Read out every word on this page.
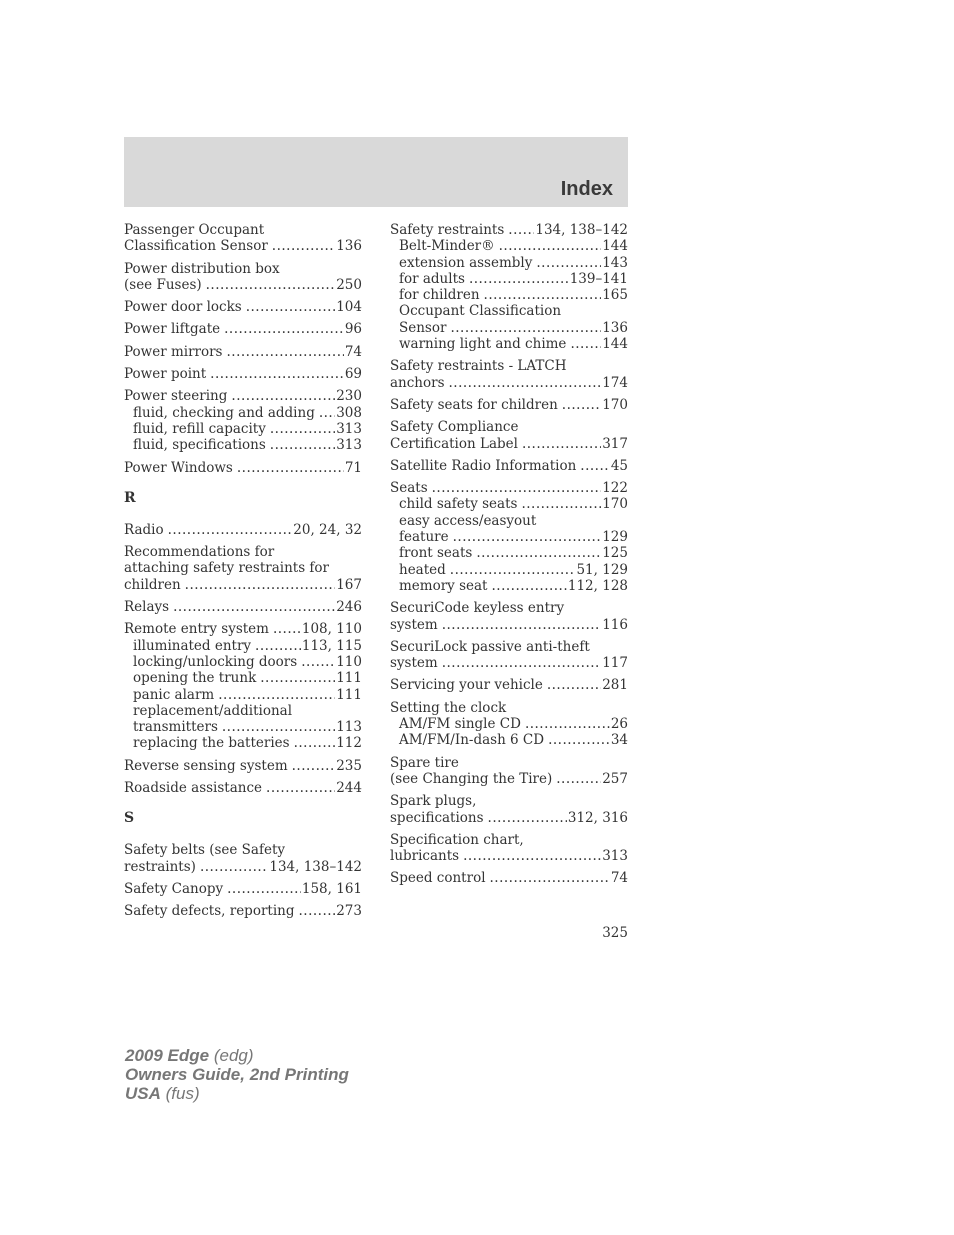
Index
Passenger Occupant
Classification Sensor .....	136
Power distribution box
(see Fuses) .....	250
Power door locks .....	104
Power liftgate .....	96
Power mirrors .....	74
Power point .....	69
Power steering .....	230
fluid, checking and adding ..... 308
fluid, refill capacity .....	313
fluid, specifications .....	313
Power Windows .....	71
R
Radio .....	20, 24, 32
Recommendations for
attaching safety restraints for
children .....	167
Relays .....	246
Remote entry system ..... 108, 110
illuminated entry .....	113, 115
locking/unlocking doors .....	110
opening the trunk .....	111
panic alarm .....	111
replacement/additional
transmitters .....	113
replacing the batteries .....	112
Reverse sensing system .....	235
Roadside assistance .....	244
S
Safety belts (see Safety
restraints) .....	134, 138–142
Safety Canopy .....	158, 161
Safety defects, reporting .....	273
Safety restraints ..... 134, 138–142
Belt-Minder® .....	144
extension assembly .....	143
for adults .....	139–141
for children .....	165
Occupant Classification
Sensor .....	136
warning light and chime .....	144
Safety restraints - LATCH
anchors .....	174
Safety seats for children .....	170
Safety Compliance
Certification Label .....	317
Satellite Radio Information .....	45
Seats .....	122
child safety seats .....	170
easy access/easyout
feature .....	129
front seats .....	125
heated .....	51, 129
memory seat .....	112, 128
SecuriCode keyless entry
system .....	116
SecuriLock passive anti-theft
system .....	117
Servicing your vehicle .....	281
Setting the clock
AM/FM single CD .....	26
AM/FM/In-dash 6 CD .....	34
Spare tire
(see Changing the Tire) .....	257
Spark plugs,
specifications .....	312, 316
Specification chart,
lubricants .....	313
Speed control .....	74
325
2009 Edge (edg)
Owners Guide, 2nd Printing
USA (fus)
